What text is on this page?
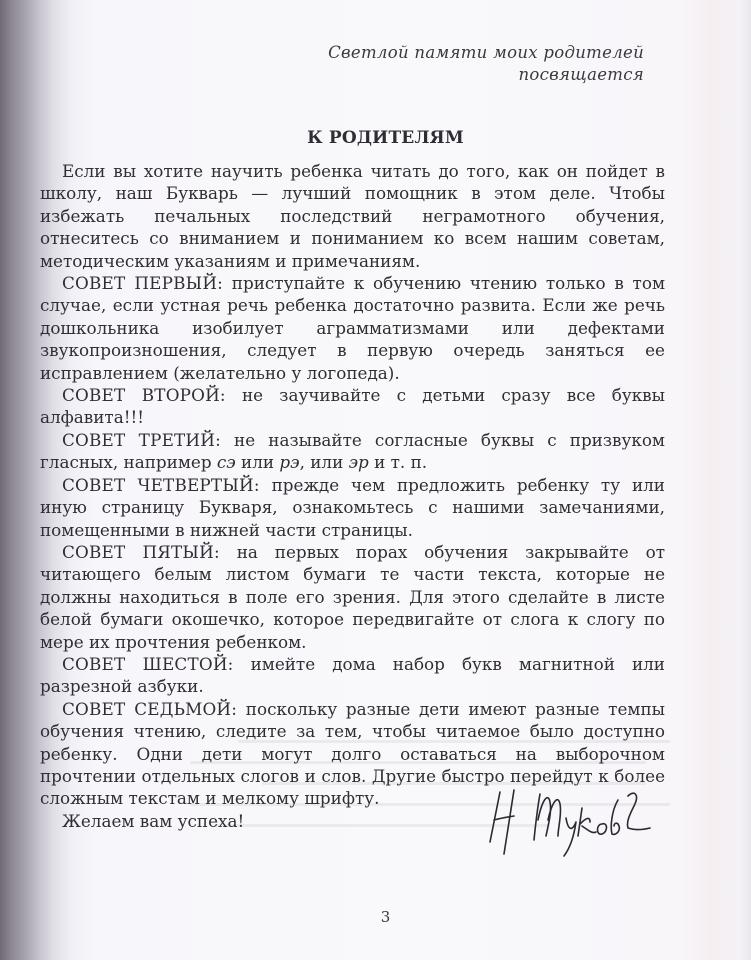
Светлой памяти моих родителей
посвящается
К РОДИТЕЛЯМ

Если вы хотите научить ребенка читать до того, как он пойдет в школу, наш Букварь — лучший помощник в этом деле. Чтобы избежать печальных последствий неграмотного обучения, отнеситесь со вниманием и пониманием ко всем нашим советам, методическим указаниям и примечаниям.

СОВЕТ ПЕРВЫЙ: приступайте к обучению чтению только в том случае, если устная речь ребенка достаточно развита. Если же речь дошкольника изобилует аграмматизмами или дефектами звукопроизношения, следует в первую очередь заняться ее исправлением (желательно у логопеда).

СОВЕТ ВТОРОЙ: не заучивайте с детьми сразу все буквы алфавита!!!

СОВЕТ ТРЕТИЙ: не называйте согласные буквы с призвуком гласных, например сэ или рэ, или эр и т. п.

СОВЕТ ЧЕТВЕРТЫЙ: прежде чем предложить ребенку ту или иную страницу Букваря, ознакомьтесь с нашими замечаниями, помещенными в нижней части страницы.

СОВЕТ ПЯТЫЙ: на первых порах обучения закрывайте от читающего белым листом бумаги те части текста, которые не должны находиться в поле его зрения. Для этого сделайте в листе белой бумаги окошечко, которое передвигайте от слога к слогу по мере их прочтения ребенком.

СОВЕТ ШЕСТОЙ: имейте дома набор букв магнитной или разрезной азбуки.

СОВЕТ СЕДЬМОЙ: поскольку разные дети имеют разные темпы обучения чтению, следите за тем, чтобы читаемое было доступно ребенку. Одни дети могут долго оставаться на выборочном прочтении отдельных слогов и слов. Другие быстро перейдут к более сложным текстам и мелкому шрифту.

Желаем вам успеха!

3
